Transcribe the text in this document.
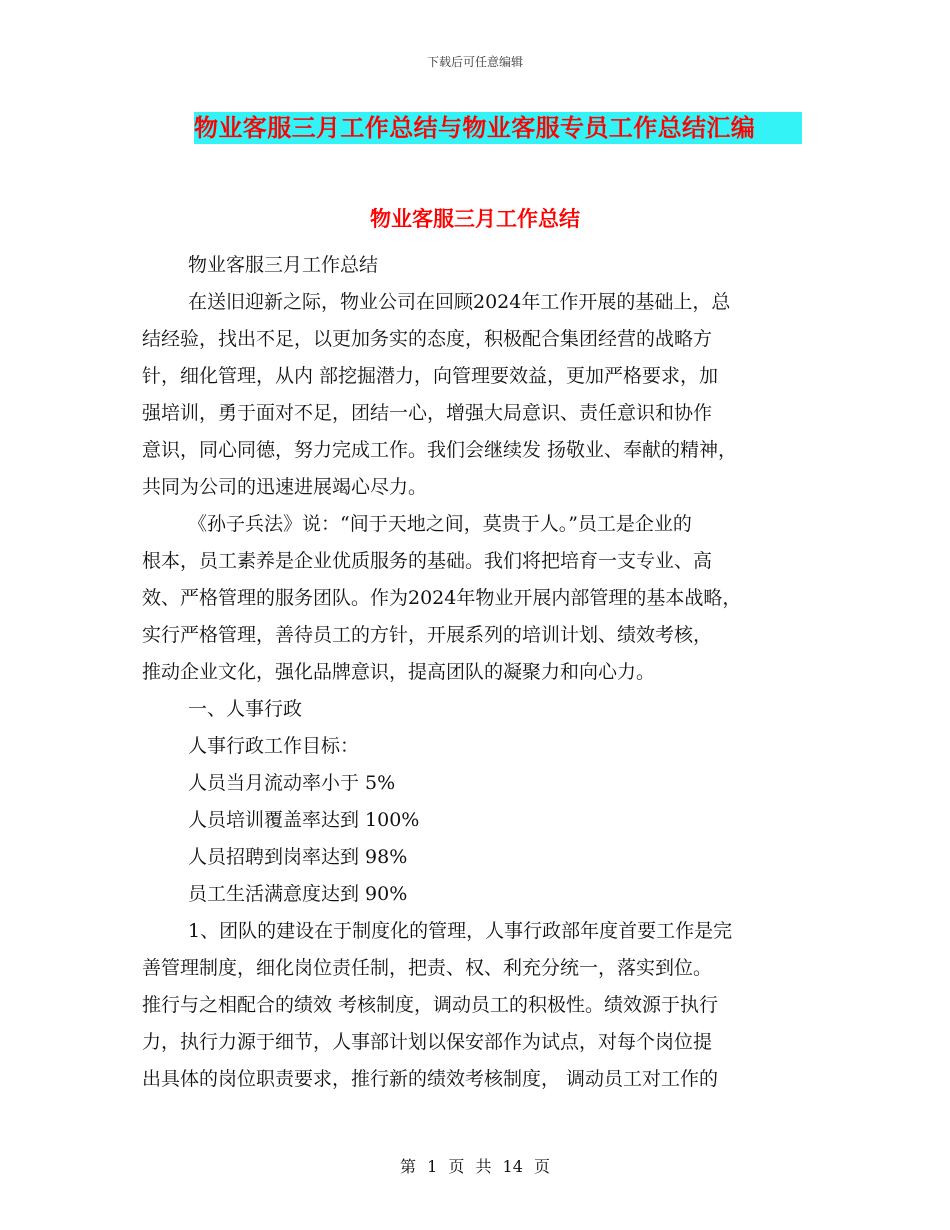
下载后可任意编辑
物业客服三月工作总结与物业客服专员工作总结汇编
物业客服三月工作总结
物业客服三月工作总结
在送旧迎新之际，物业公司在回顾2024年工作开展的基础上，总
结经验，找出不足，以更加务实的态度，积极配合集团经营的战略方
针，细化管理，从内 部挖掘潜力，向管理要效益，更加严格要求，加
强培训，勇于面对不足，团结一心，增强大局意识、责任意识和协作
意识，同心同德，努力完成工作。我们会继续发 扬敬业、奉献的精神，
共同为公司的迅速进展竭心尽力。
《孙子兵法》说：“间于天地之间，莫贵于人。”员工是企业的
根本，员工素养是企业优质服务的基础。我们将把培育一支专业、高
效、严格管理的服务团队。作为2024年物业开展内部管理的基本战略，
实行严格管理，善待员工的方针，开展系列的培训计划、绩效考核，
推动企业文化，强化品牌意识，提高团队的凝聚力和向心力。
一、人事行政
人事行政工作目标：
人员当月流动率小于 5%
人员培训覆盖率达到 100%
人员招聘到岗率达到 98%
员工生活满意度达到 90%
1、团队的建设在于制度化的管理，人事行政部年度首要工作是完
善管理制度，细化岗位责任制，把责、权、利充分统一，落实到位。
推行与之相配合的绩效 考核制度，调动员工的积极性。绩效源于执行
力，执行力源于细节，人事部计划以保安部作为试点，对每个岗位提
出具体的岗位职责要求，推行新的绩效考核制度， 调动员工对工作的
第 1 页 共 14 页
